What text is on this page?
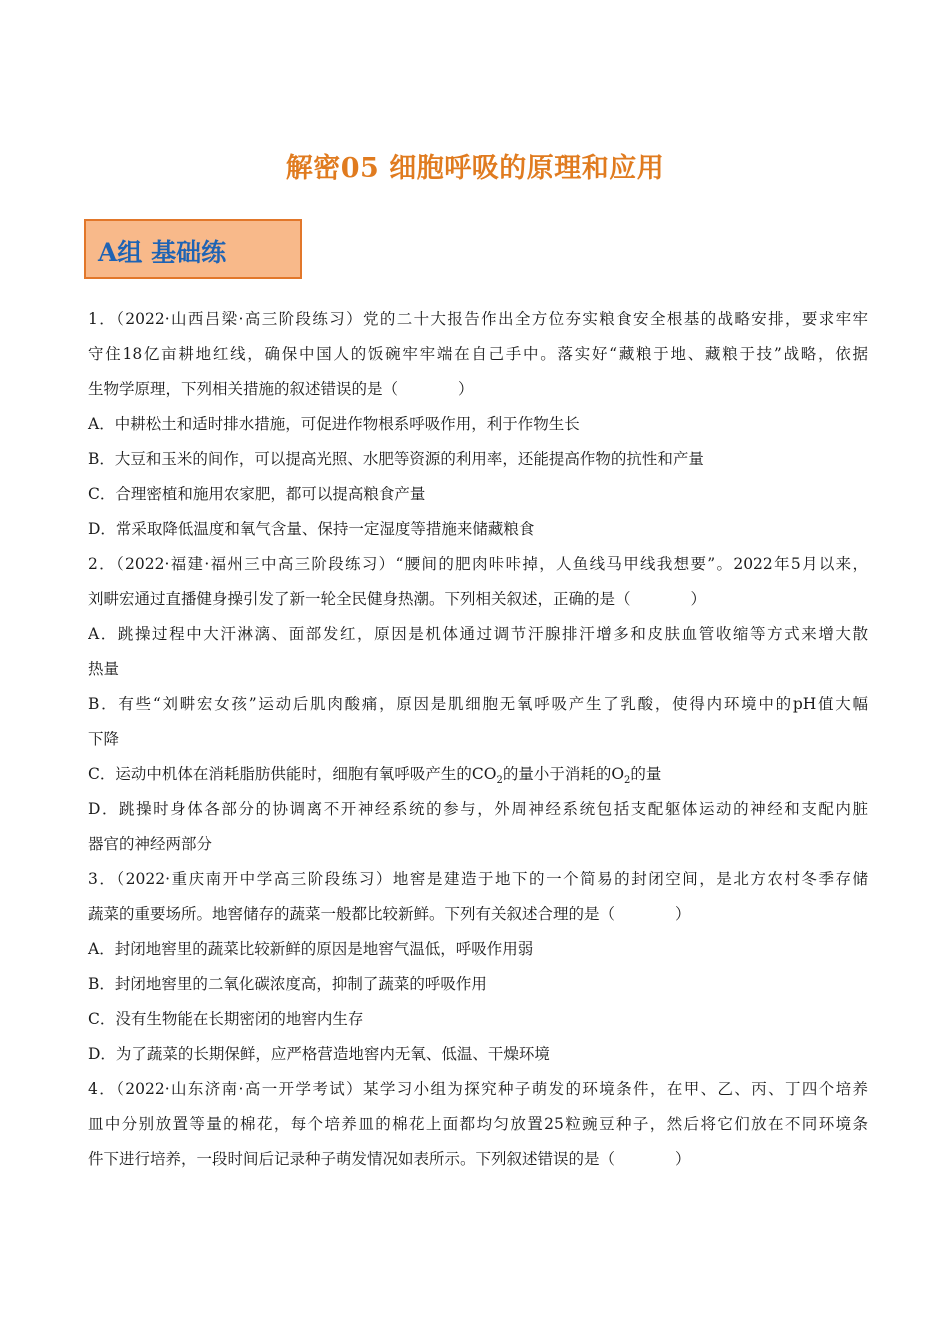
解密05 细胞呼吸的原理和应用
A组 基础练
1．（2022·山西吕梁·高三阶段练习）党的二十大报告作出全方位夯实粮食安全根基的战略安排，要求牢牢
守住18亿亩耕地红线，确保中国人的饭碗牢牢端在自己手中。落实好“藏粮于地、藏粮于技”战略，依据
生物学原理，下列相关措施的叙述错误的是（	）
A．中耕松土和适时排水措施，可促进作物根系呼吸作用，利于作物生长
B．大豆和玉米的间作，可以提高光照、水肥等资源的利用率，还能提高作物的抗性和产量
C．合理密植和施用农家肥，都可以提高粮食产量
D．常采取降低温度和氧气含量、保持一定湿度等措施来储藏粮食
2．（2022·福建·福州三中高三阶段练习）“腰间的肥肉咔咔掉，人鱼线马甲线我想要”。2022年5月以来，
刘畊宏通过直播健身操引发了新一轮全民健身热潮。下列相关叙述，正确的是（	）
A．跳操过程中大汗淋漓、面部发红，原因是机体通过调节汗腺排汗增多和皮肤血管收缩等方式来增大散
热量
B．有些“刘畊宏女孩”运动后肌肉酸痛，原因是肌细胞无氧呼吸产生了乳酸，使得内环境中的pH值大幅
下降
C．运动中机体在消耗脂肪供能时，细胞有氧呼吸产生的$CO_2$的量小于消耗的$O_2$的量
D．跳操时身体各部分的协调离不开神经系统的参与，外周神经系统包括支配躯体运动的神经和支配内脏
器官的神经两部分
3．（2022·重庆南开中学高三阶段练习）地窖是建造于地下的一个简易的封闭空间，是北方农村冬季存储
蔬菜的重要场所。地窖储存的蔬菜一般都比较新鲜。下列有关叙述合理的是（	）
A．封闭地窖里的蔬菜比较新鲜的原因是地窖气温低，呼吸作用弱
B．封闭地窖里的二氧化碳浓度高，抑制了蔬菜的呼吸作用
C．没有生物能在长期密闭的地窖内生存
D．为了蔬菜的长期保鲜，应严格营造地窖内无氧、低温、干燥环境
4．（2022·山东济南·高一开学考试）某学习小组为探究种子萌发的环境条件，在甲、乙、丙、丁四个培养
皿中分别放置等量的棉花，每个培养皿的棉花上面都均匀放置25粒豌豆种子，然后将它们放在不同环境条
件下进行培养，一段时间后记录种子萌发情况如表所示。下列叙述错误的是（	）
